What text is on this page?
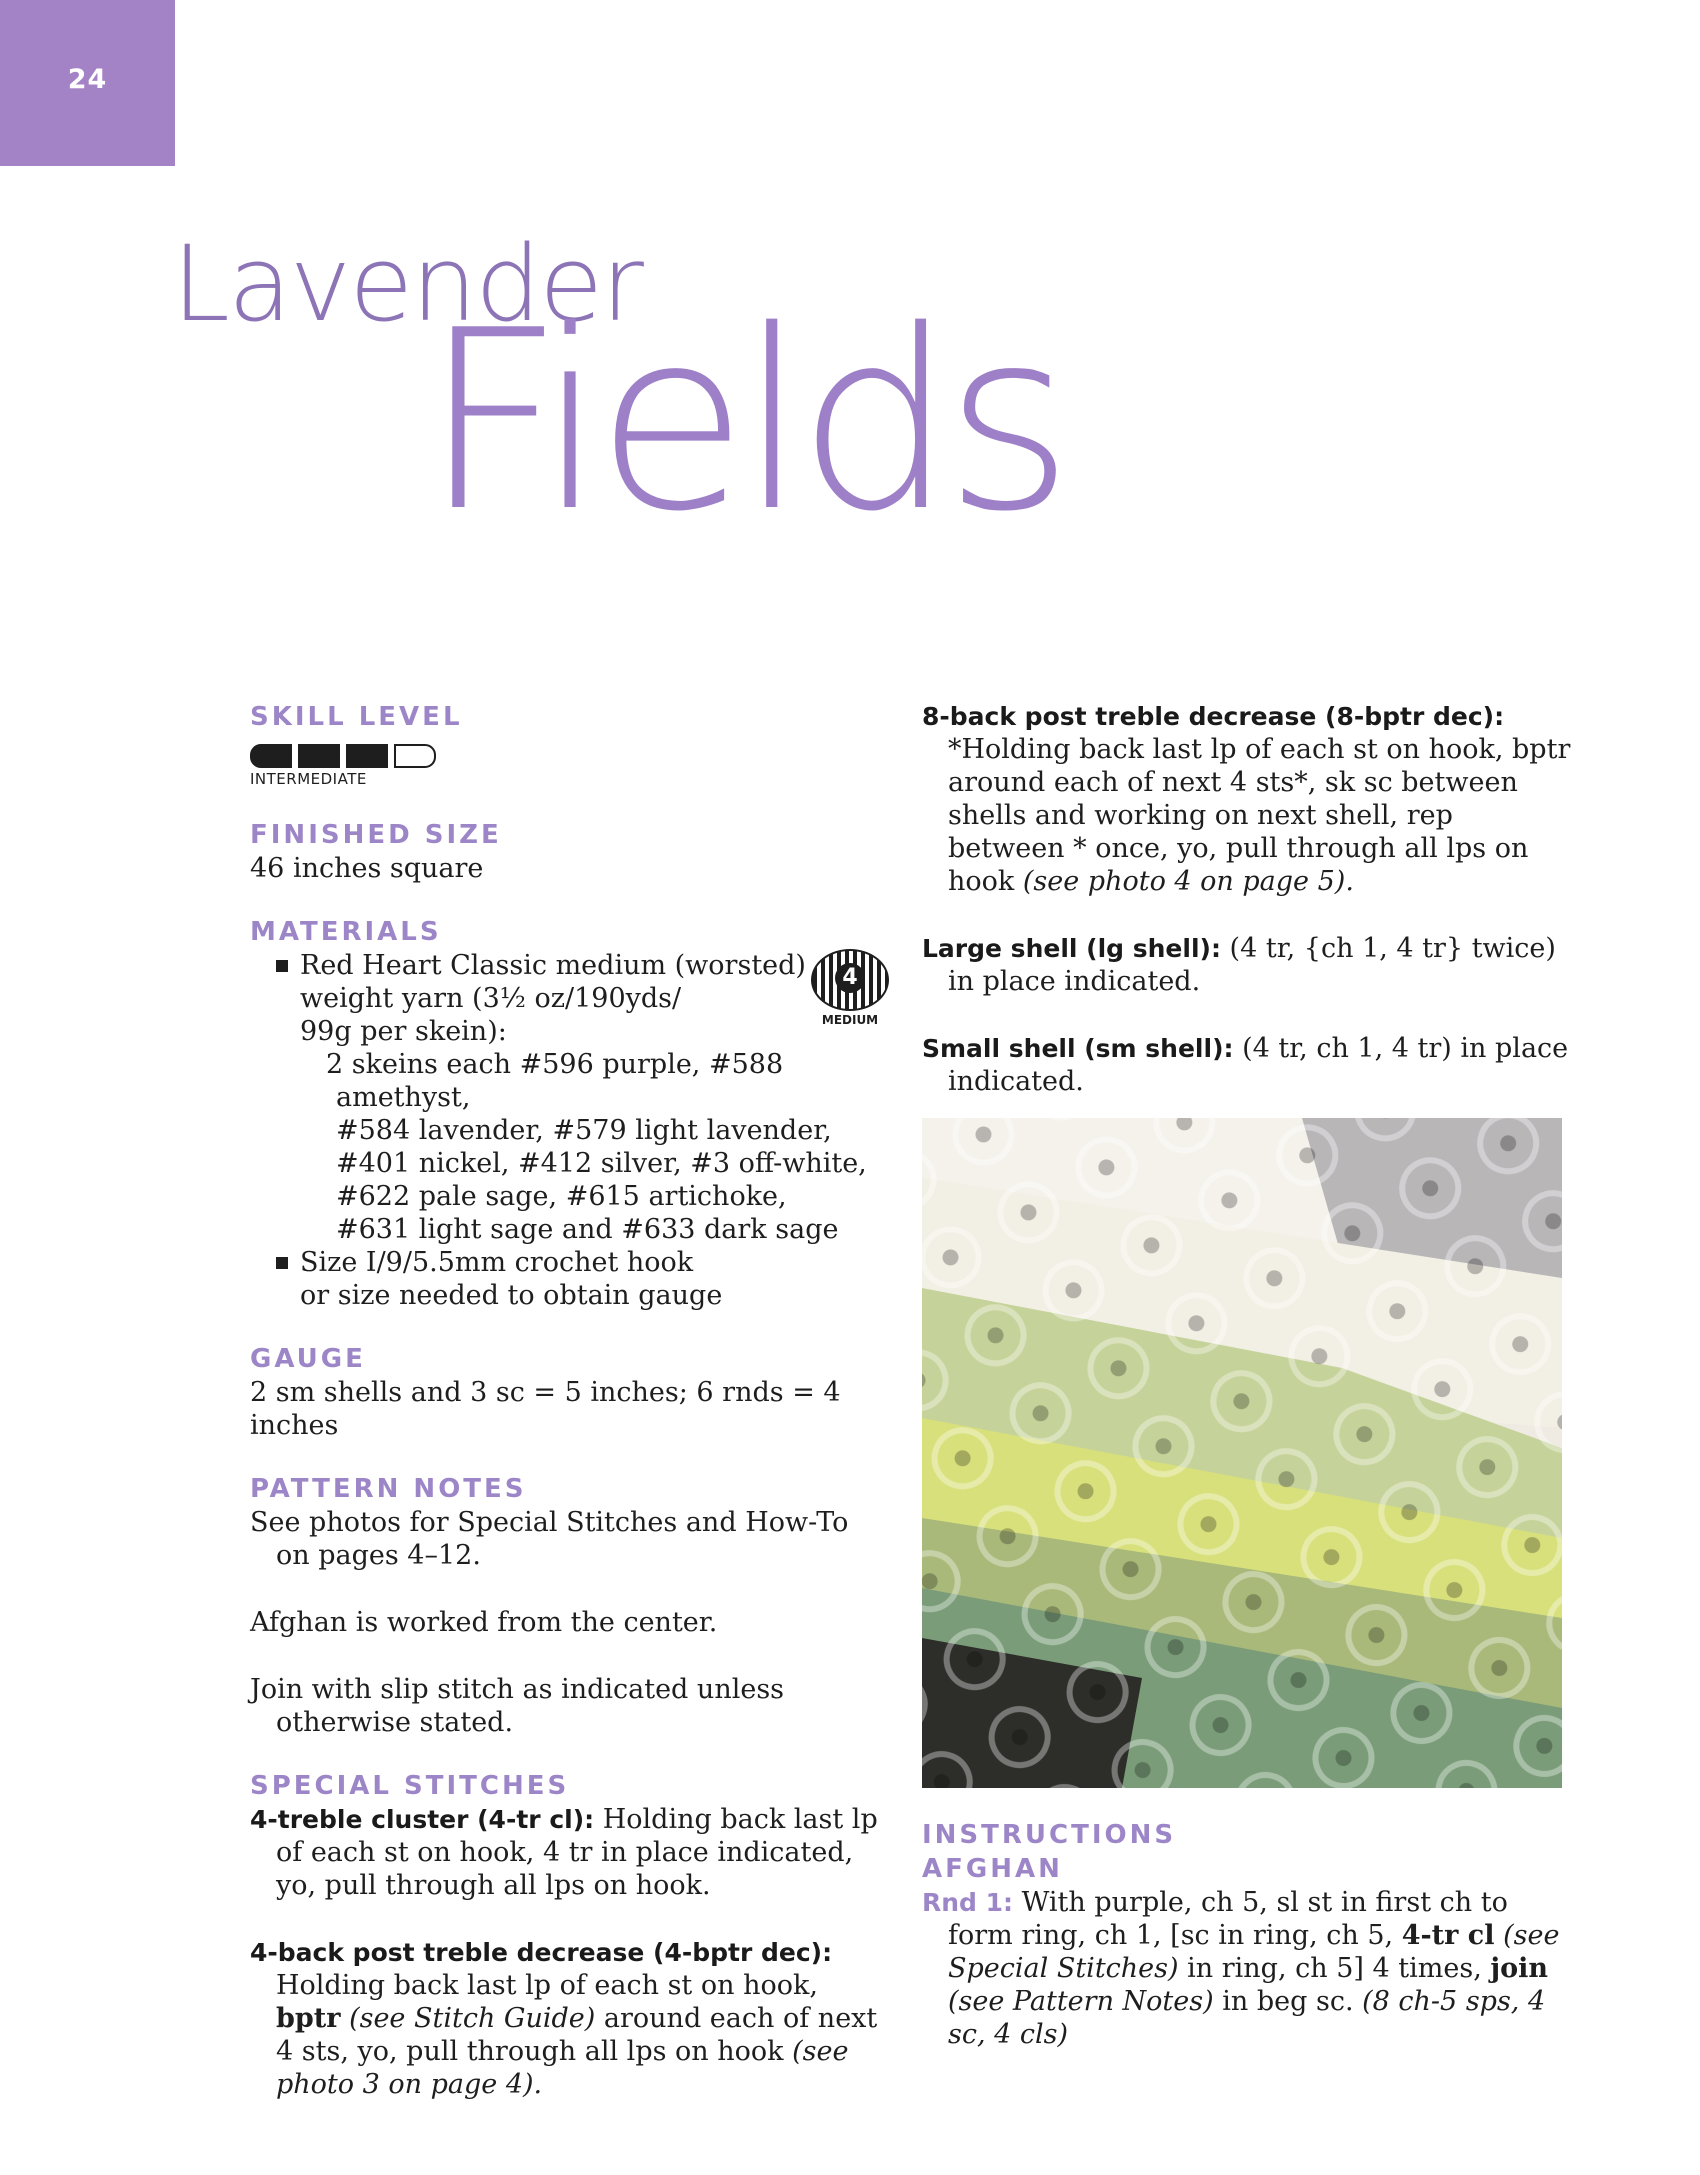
24
Lavender
Fields
SKILL LEVEL
INTERMEDIATE
FINISHED SIZE

46 inches square

MATERIALS
4
MEDIUM
Red Heart Classic medium (worsted)
weight yarn (3½ oz/190yds/
99g per skein):
2 skeins each #596 purple, #588 amethyst,
#584 lavender, #579 light lavender,
#401 nickel, #412 silver, #3 off-white,
#622 pale sage, #615 artichoke,
#631 light sage and #633 dark sage
Size I/9/5.5mm crochet hook
or size needed to obtain gauge
GAUGE

2 sm shells and 3 sc = 5 inches; 6 rnds = 4 inches

PATTERN NOTES

See photos for Special Stitches and How-To on pages 4–12.

Afghan is worked from the center.

Join with slip stitch as indicated unless otherwise stated.

SPECIAL STITCHES

4-treble cluster (4-tr cl): Holding back last lp of each st on hook, 4 tr in place indicated, yo, pull through all lps on hook.

4-back post treble decrease (4-bptr dec): Holding back last lp of each st on hook, bptr (see Stitch Guide) around each of next 4 sts, yo, pull through all lps on hook (see photo 3 on page 4).

8-back post treble decrease (8-bptr dec):
*Holding back last lp of each st on hook, bptr around each of next 4 sts*, sk sc between shells and working on next shell, rep between * once, yo, pull through all lps on hook (see photo 4 on page 5).

Large shell (lg shell): (4 tr, {ch 1, 4 tr} twice) in place indicated.

Small shell (sm shell): (4 tr, ch 1, 4 tr) in place indicated.

INSTRUCTIONS
AFGHAN

Rnd 1: With purple, ch 5, sl st in first ch to form ring, ch 1, [sc in ring, ch 5, 4-tr cl (see Special Stitches) in ring, ch 5] 4 times, join (see Pattern Notes) in beg sc. (8 ch-5 sps, 4 sc, 4 cls)
